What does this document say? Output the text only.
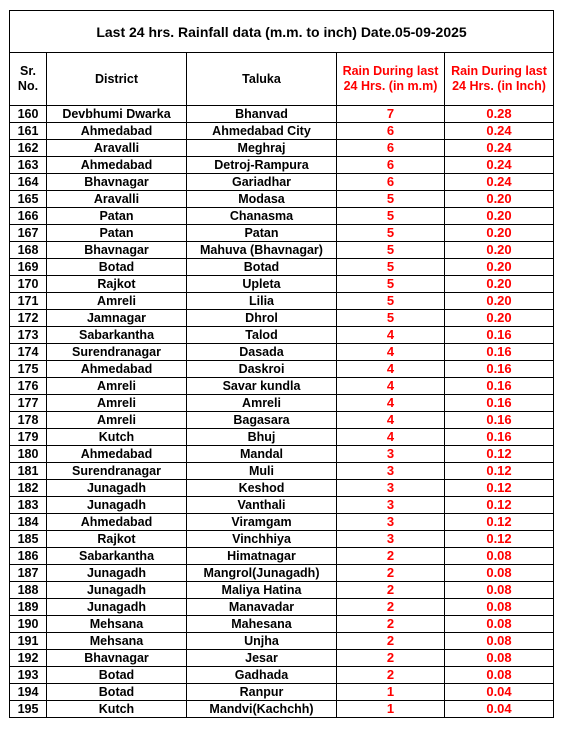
Last 24 hrs. Rainfall data (m.m. to inch) Date.05-09-2025				
Sr.
No.	District	Taluka	Rain During last 24 Hrs. (in m.m)	Rain During last 24 Hrs. (in Inch)
160	Devbhumi Dwarka	Bhanvad	7	0.28
161	Ahmedabad	Ahmedabad City	6	0.24
162	Aravalli	Meghraj	6	0.24
163	Ahmedabad	Detroj-Rampura	6	0.24
164	Bhavnagar	Gariadhar	6	0.24
165	Aravalli	Modasa	5	0.20
166	Patan	Chanasma	5	0.20
167	Patan	Patan	5	0.20
168	Bhavnagar	Mahuva (Bhavnagar)	5	0.20
169	Botad	Botad	5	0.20
170	Rajkot	Upleta	5	0.20
171	Amreli	Lilia	5	0.20
172	Jamnagar	Dhrol	5	0.20
173	Sabarkantha	Talod	4	0.16
174	Surendranagar	Dasada	4	0.16
175	Ahmedabad	Daskroi	4	0.16
176	Amreli	Savar kundla	4	0.16
177	Amreli	Amreli	4	0.16
178	Amreli	Bagasara	4	0.16
179	Kutch	Bhuj	4	0.16
180	Ahmedabad	Mandal	3	0.12
181	Surendranagar	Muli	3	0.12
182	Junagadh	Keshod	3	0.12
183	Junagadh	Vanthali	3	0.12
184	Ahmedabad	Viramgam	3	0.12
185	Rajkot	Vinchhiya	3	0.12
186	Sabarkantha	Himatnagar	2	0.08
187	Junagadh	Mangrol(Junagadh)	2	0.08
188	Junagadh	Maliya Hatina	2	0.08
189	Junagadh	Manavadar	2	0.08
190	Mehsana	Mahesana	2	0.08
191	Mehsana	Unjha	2	0.08
192	Bhavnagar	Jesar	2	0.08
193	Botad	Gadhada	2	0.08
194	Botad	Ranpur	1	0.04
195	Kutch	Mandvi(Kachchh)	1	0.04
